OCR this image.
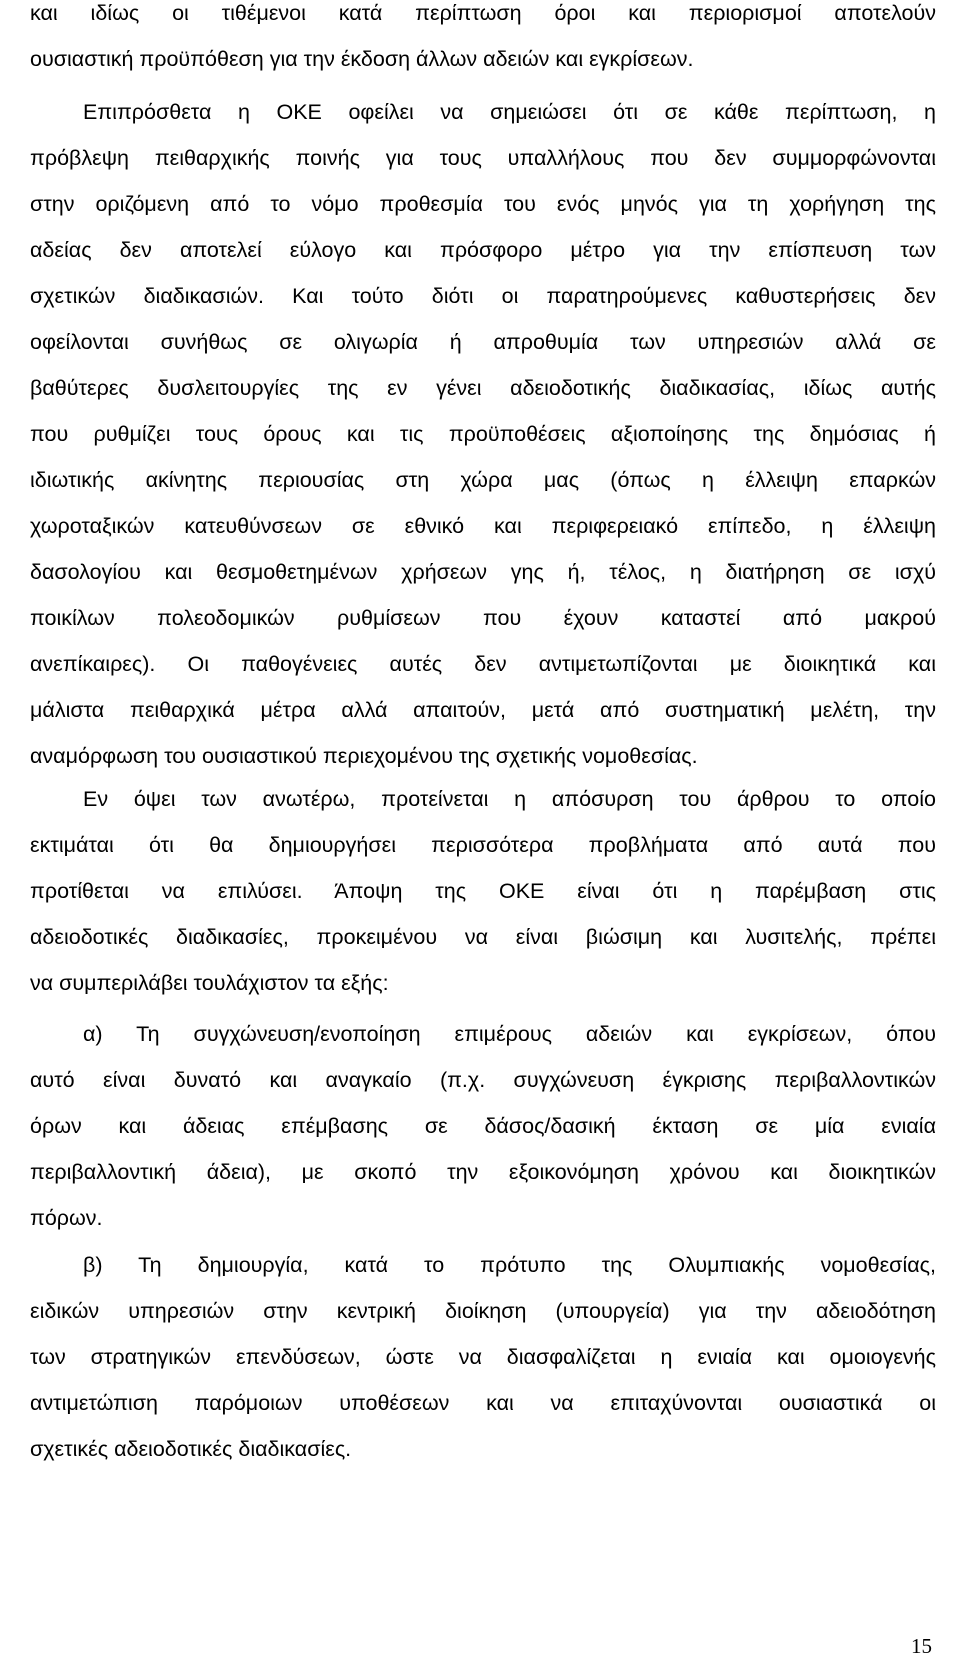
και ιδίως οι τιθέμενοι κατά περίπτωση όροι και περιορισμοί αποτελούν
ουσιαστική προϋπόθεση για την έκδοση άλλων αδειών και εγκρίσεων.
Επιπρόσθετα η ΟΚΕ οφείλει να σημειώσει ότι σε κάθε περίπτωση, η
πρόβλεψη πειθαρχικής ποινής για τους υπαλλήλους που δεν συμμορφώνονται
στην οριζόμενη από το νόμο προθεσμία του ενός μηνός για τη χορήγηση της
αδείας δεν αποτελεί εύλογο και πρόσφορο μέτρο για την επίσπευση των
σχετικών διαδικασιών. Και τούτο διότι οι παρατηρούμενες καθυστερήσεις δεν
οφείλονται συνήθως σε ολιγωρία ή απροθυμία των υπηρεσιών αλλά σε
βαθύτερες δυσλειτουργίες της εν γένει αδειοδοτικής διαδικασίας, ιδίως αυτής
που ρυθμίζει τους όρους και τις προϋποθέσεις αξιοποίησης της δημόσιας ή
ιδιωτικής ακίνητης περιουσίας στη χώρα μας (όπως η έλλειψη επαρκών
χωροταξικών κατευθύνσεων σε εθνικό και περιφερειακό επίπεδο, η έλλειψη
δασολογίου και θεσμοθετημένων χρήσεων γης ή, τέλος, η διατήρηση σε ισχύ
ποικίλων πολεοδομικών ρυθμίσεων που έχουν καταστεί από μακρού
ανεπίκαιρες). Οι παθογένειες αυτές δεν αντιμετωπίζονται με διοικητικά και
μάλιστα πειθαρχικά μέτρα αλλά απαιτούν, μετά από συστηματική μελέτη, την
αναμόρφωση του ουσιαστικού περιεχομένου της σχετικής νομοθεσίας.
Εν όψει των ανωτέρω, προτείνεται η απόσυρση του άρθρου το οποίο
εκτιμάται ότι θα δημιουργήσει περισσότερα προβλήματα από αυτά που
προτίθεται να επιλύσει. Άποψη της ΟΚΕ είναι ότι η παρέμβαση στις
αδειοδοτικές διαδικασίες, προκειμένου να είναι βιώσιμη και λυσιτελής, πρέπει
να συμπεριλάβει τουλάχιστον τα εξής:
α) Τη συγχώνευση/ενοποίηση επιμέρους αδειών και εγκρίσεων, όπου
αυτό είναι δυνατό και αναγκαίο (π.χ. συγχώνευση έγκρισης περιβαλλοντικών
όρων και άδειας επέμβασης σε δάσος/δασική έκταση σε μία ενιαία
περιβαλλοντική άδεια), με σκοπό την εξοικονόμηση χρόνου και διοικητικών
πόρων.
β) Τη δημιουργία, κατά το πρότυπο της Ολυμπιακής νομοθεσίας,
ειδικών υπηρεσιών στην κεντρική διοίκηση (υπουργεία) για την αδειοδότηση
των στρατηγικών επενδύσεων, ώστε να διασφαλίζεται η ενιαία και ομοιογενής
αντιμετώπιση παρόμοιων υποθέσεων και να επιταχύνονται ουσιαστικά οι
σχετικές αδειοδοτικές διαδικασίες.
15
